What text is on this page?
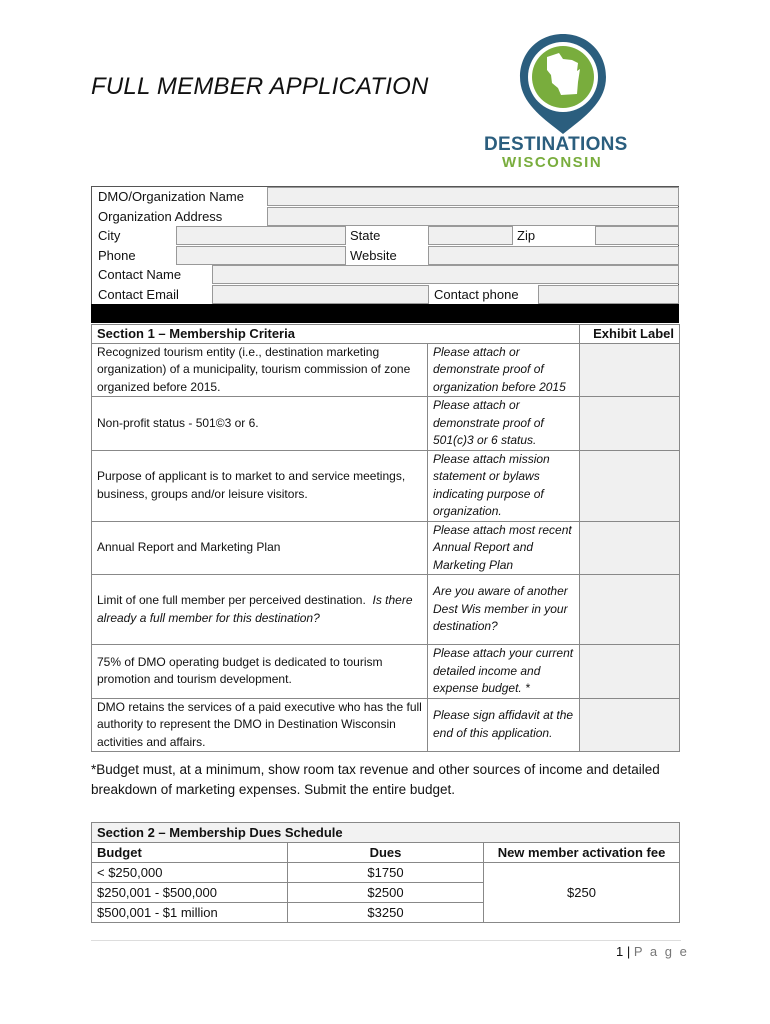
FULL MEMBER APPLICATION
DESTINATIONS
WISCONSIN
DMO/Organization Name
Organization Address
City	State	Zip
Phone	Website
Contact Name
Contact Email	Contact phone
Section 1 – Membership Criteria		Exhibit Label
Recognized tourism entity (i.e., destination marketing organization) of a municipality, tourism commission of zone organized before 2015.	Please attach or demonstrate proof of organization before 2015	
Non-profit status - 501©3 or 6.	Please attach or demonstrate proof of 501(c)3 or 6 status.	
Purpose of applicant is to market to and service meetings, business, groups and/or leisure visitors.	Please attach mission statement or bylaws indicating purpose of organization.	
Annual Report and Marketing Plan	Please attach most recent Annual Report and Marketing Plan	
Limit of one full member per perceived destination. Is there already a full member for this destination?	Are you aware of another Dest Wis member in your destination?	
75% of DMO operating budget is dedicated to tourism promotion and tourism development.	Please attach your current detailed income and expense budget. *	
DMO retains the services of a paid executive who has the full authority to represent the DMO in Destination Wisconsin activities and affairs.	Please sign affidavit at the end of this application.	
*Budget must, at a minimum, show room tax revenue and other sources of income and detailed breakdown of marketing expenses. Submit the entire budget.
Section 2 – Membership Dues Schedule		
Budget	Dues	New member activation fee
< $250,000	$1750	$250
$250,001 - $500,000	$2500	
$500,001 - $1 million	$3250	
1 | P a g e
